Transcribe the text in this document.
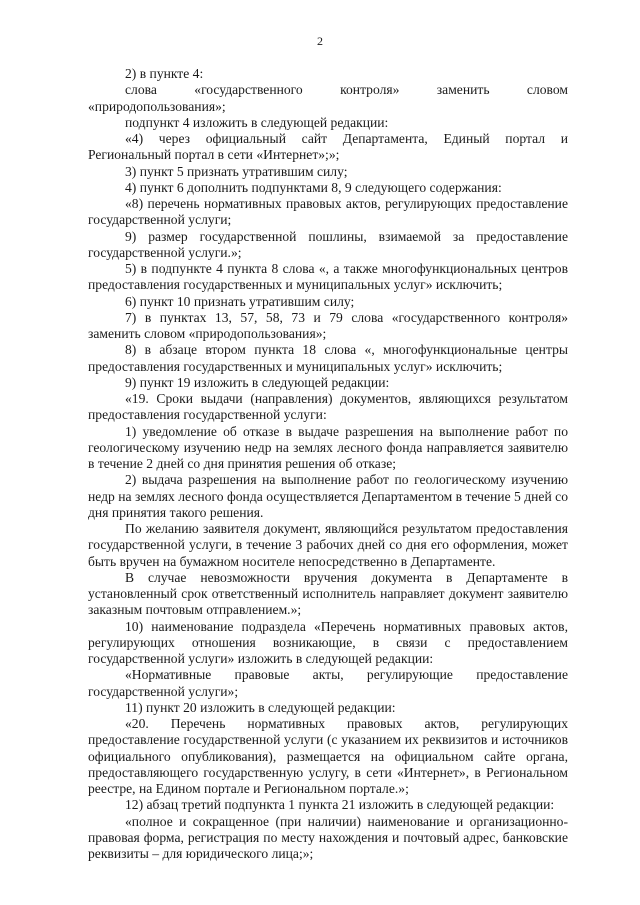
2

2) в пункте 4:

слова «государственного контроля» заменить словом «природопользования»;

подпункт 4 изложить в следующей редакции:

«4) через официальный сайт Департамента, Единый портал и Региональный портал в сети «Интернет»;»;

3) пункт 5 признать утратившим силу;

4) пункт 6 дополнить подпунктами 8, 9 следующего содержания:

«8) перечень нормативных правовых актов, регулирующих предоставление государственной услуги;

9) размер государственной пошлины, взимаемой за предоставление государственной услуги.»;

5) в подпункте 4 пункта 8 слова «, а также многофункциональных центров предоставления государственных и муниципальных услуг» исключить;

6) пункт 10 признать утратившим силу;

7) в пунктах 13, 57, 58, 73 и 79 слова «государственного контроля» заменить словом «природопользования»;

8) в абзаце втором пункта 18 слова «, многофункциональные центры предоставления государственных и муниципальных услуг» исключить;

9) пункт 19 изложить в следующей редакции:

«19. Сроки выдачи (направления) документов, являющихся результатом предоставления государственной услуги:

1) уведомление об отказе в выдаче разрешения на выполнение работ по геологическому изучению недр на землях лесного фонда направляется заявителю в течение 2 дней со дня принятия решения об отказе;

2) выдача разрешения на выполнение работ по геологическому изучению недр на землях лесного фонда осуществляется Департаментом в течение 5 дней со дня принятия такого решения.

По желанию заявителя документ, являющийся результатом предоставления государственной услуги, в течение 3 рабочих дней со дня его оформления, может быть вручен на бумажном носителе непосредственно в Департаменте.

В случае невозможности вручения документа в Департаменте в установленный срок ответственный исполнитель направляет документ заявителю заказным почтовым отправлением.»;

10) наименование подраздела «Перечень нормативных правовых актов, регулирующих отношения возникающие, в связи с предоставлением государственной услуги» изложить в следующей редакции:

«Нормативные правовые акты, регулирующие предоставление государственной услуги»;

11) пункт 20 изложить в следующей редакции:

«20. Перечень нормативных правовых актов, регулирующих предоставление государственной услуги (с указанием их реквизитов и источников официального опубликования), размещается на официальном сайте органа, предоставляющего государственную услугу, в сети «Интернет», в Региональном реестре, на Едином портале и Региональном портале.»;

12) абзац третий подпункта 1 пункта 21 изложить в следующей редакции:

«полное и сокращенное (при наличии) наименование и организационно-правовая форма, регистрация по месту нахождения и почтовый адрес, банковские реквизиты – для юридического лица;»;
